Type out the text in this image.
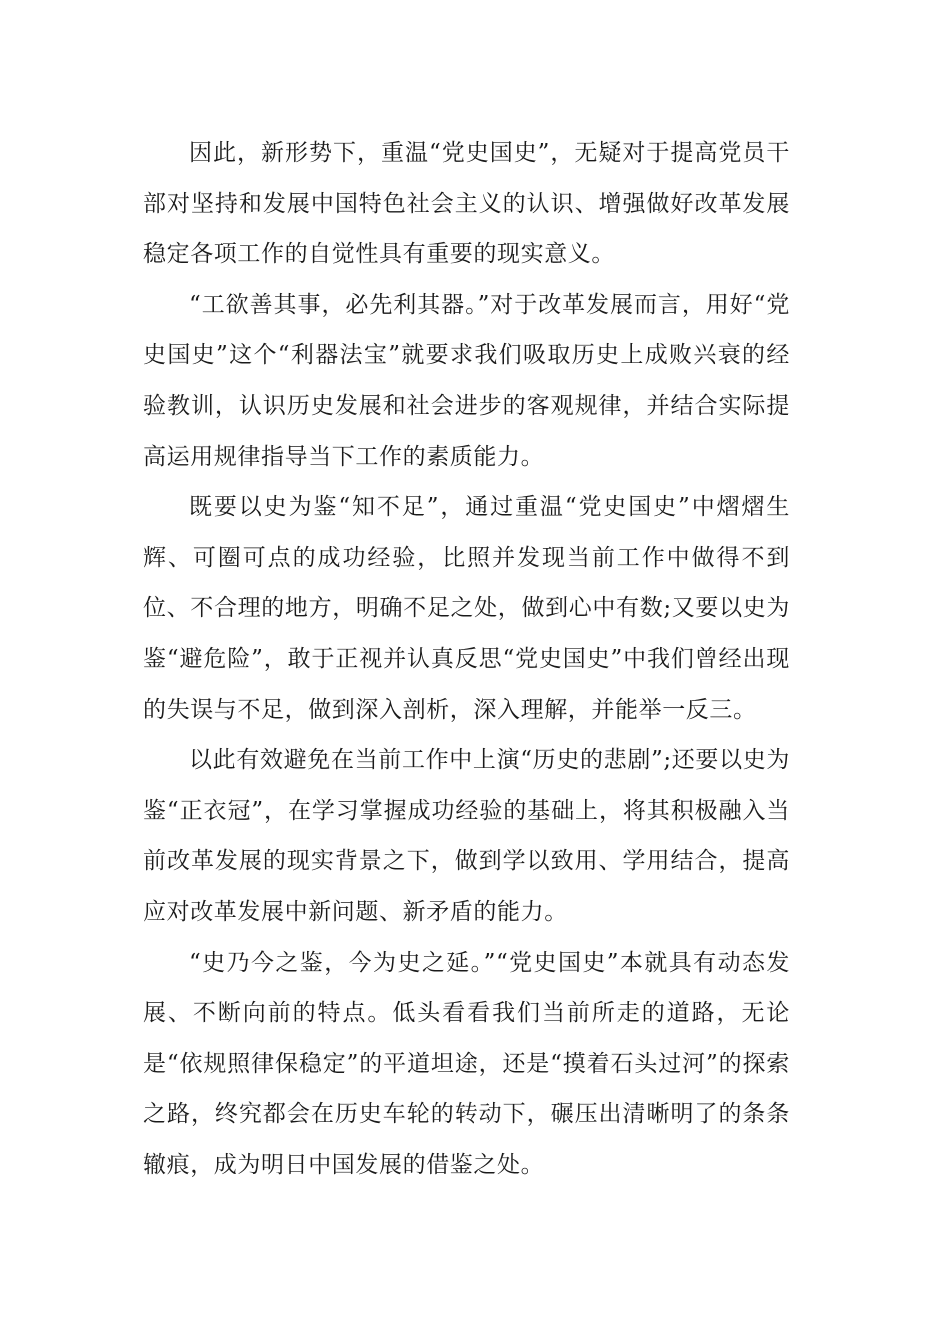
因此，新形势下，重温“党史国史”，无疑对于提高党员干部对坚持和发展中国特色社会主义的认识、增强做好改革发展稳定各项工作的自觉性具有重要的现实意义。

“工欲善其事，必先利其器。”对于改革发展而言，用好“党史国史”这个“利器法宝”就要求我们吸取历史上成败兴衰的经验教训，认识历史发展和社会进步的客观规律，并结合实际提高运用规律指导当下工作的素质能力。

既要以史为鉴“知不足”，通过重温“党史国史”中熠熠生辉、可圈可点的成功经验，比照并发现当前工作中做得不到位、不合理的地方，明确不足之处，做到心中有数;又要以史为鉴“避危险”，敢于正视并认真反思“党史国史”中我们曾经出现的失误与不足，做到深入剖析，深入理解，并能举一反三。

以此有效避免在当前工作中上演“历史的悲剧”;还要以史为鉴“正衣冠”，在学习掌握成功经验的基础上，将其积极融入当前改革发展的现实背景之下，做到学以致用、学用结合，提高应对改革发展中新问题、新矛盾的能力。

“史乃今之鉴，今为史之延。”“党史国史”本就具有动态发展、不断向前的特点。低头看看我们当前所走的道路，无论是“依规照律保稳定”的平道坦途，还是“摸着石头过河”的探索之路，终究都会在历史车轮的转动下，碾压出清晰明了的条条辙痕，成为明日中国发展的借鉴之处。
